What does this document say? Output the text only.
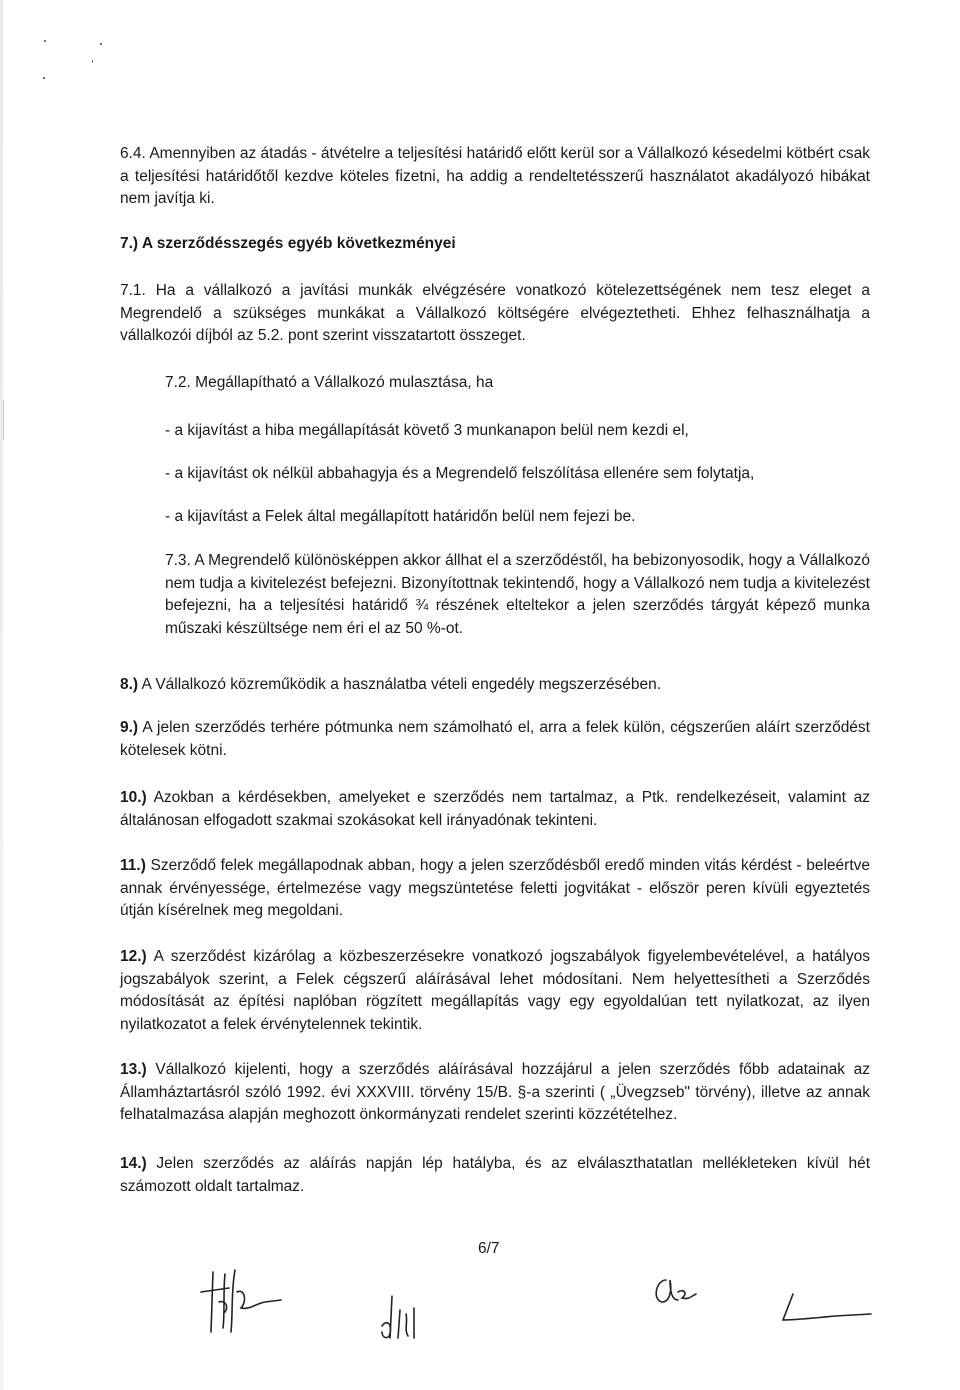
6.4. Amennyiben az átadás - átvételre a teljesítési határidő előtt kerül sor a Vállalkozó késedelmi kötbért csak a teljesítési határidőtől kezdve köteles fizetni, ha addig a rendeltetésszerű használatot akadályozó hibákat nem javítja ki.

7.) A szerződésszegés egyéb következményei

7.1. Ha a vállalkozó a javítási munkák elvégzésére vonatkozó kötelezettségének nem tesz eleget a Megrendelő a szükséges munkákat a Vállalkozó költségére elvégeztetheti. Ehhez felhasználhatja a vállalkozói díjból az 5.2. pont szerint visszatartott összeget.

7.2. Megállapítható a Vállalkozó mulasztása, ha

- a kijavítást a hiba megállapítását követő 3 munkanapon belül nem kezdi el,

- a kijavítást ok nélkül abbahagyja és a Megrendelő felszólítása ellenére sem folytatja,

- a kijavítást a Felek által megállapított határidőn belül nem fejezi be.

7.3. A Megrendelő különösképpen akkor állhat el a szerződéstől, ha bebizonyosodik, hogy a Vállalkozó nem tudja a kivitelezést befejezni. Bizonyítottnak tekintendő, hogy a Vállalkozó nem tudja a kivitelezést befejezni, ha a teljesítési határidő ¾ részének elteltekor a jelen szerződés tárgyát képező munka műszaki készültsége nem éri el az 50 %-ot.

8.) A Vállalkozó közreműködik a használatba vételi engedély megszerzésében.

9.) A jelen szerződés terhére pótmunka nem számolható el, arra a felek külön, cégszerűen aláírt szerződést kötelesek kötni.

10.) Azokban a kérdésekben, amelyeket e szerződés nem tartalmaz, a Ptk. rendelkezéseit, valamint az általánosan elfogadott szakmai szokásokat kell irányadónak tekinteni.

11.) Szerződő felek megállapodnak abban, hogy a jelen szerződésből eredő minden vitás kérdést - beleértve annak érvényessége, értelmezése vagy megszüntetése feletti jogvitákat - először peren kívüli egyeztetés útján kísérelnek meg megoldani.

12.) A szerződést kizárólag a közbeszerzésekre vonatkozó jogszabályok figyelembevételével, a hatályos jogszabályok szerint, a Felek cégszerű aláírásával lehet módosítani. Nem helyettesítheti a Szerződés módosítását az építési naplóban rögzített megállapítás vagy egy egyoldalúan tett nyilatkozat, az ilyen nyilatkozatot a felek érvénytelennek tekintik.

13.) Vállalkozó kijelenti, hogy a szerződés aláírásával hozzájárul a jelen szerződés főbb adatainak az Államháztartásról szóló 1992. évi XXXVIII. törvény 15/B. §-a szerinti ( „Üvegzseb" törvény), illetve az annak felhatalmazása alapján meghozott önkormányzati rendelet szerinti közzétételhez.

14.) Jelen szerződés az aláírás napján lép hatályba, és az elválaszthatatlan mellékleteken kívül hét számozott oldalt tartalmaz.

6/7
